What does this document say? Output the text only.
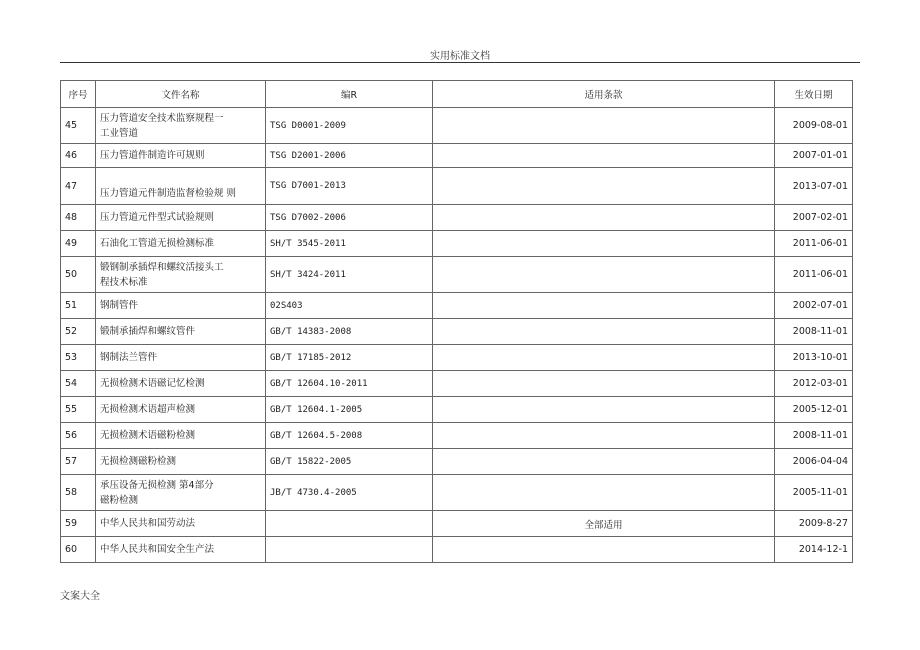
实用标准文档
序号	文件名称	编R	适用条款	生效日期
45	压力管道安全技术监察规程一
工业管道	TSG D0001-2009		2009-08-01
46	压力管道件制造许可规则	TSG D2001-2006		2007-01-01
47	压力管道元件制造监督检验规 则	TSG D7001-2013		2013-07-01
48	压力管道元件型式试验规则	TSG D7002-2006		2007-02-01
49	石油化工管道无损检测标准	SH/T 3545-2011		2011-06-01
50	锻钢制承插焊和螺纹活接头工
程技术标准	SH/T 3424-2011		2011-06-01
51	钢制管件	02S403		2002-07-01
52	锻制承插焊和螺纹管件	GB/T 14383-2008		2008-11-01
53	钢制法兰管件	GB/T 17185-2012		2013-10-01
54	无损检测术语磁记忆检测	GB/T 12604.10-2011		2012-03-01
55	无损检测术语超声检测	GB/T 12604.1-2005		2005-12-01
56	无损检测术语磁粉检测	GB/T 12604.5-2008		2008-11-01
57	无损检测磁粉检测	GB/T 15822-2005		2006-04-04
58	承压设备无损检测 第4部分
磁粉检测	JB/T 4730.4-2005		2005-11-01
59	中华人民共和国劳动法		全部适用	2009-8-27
60	中华人民共和国安全生产法			2014-12-1
文案大全
